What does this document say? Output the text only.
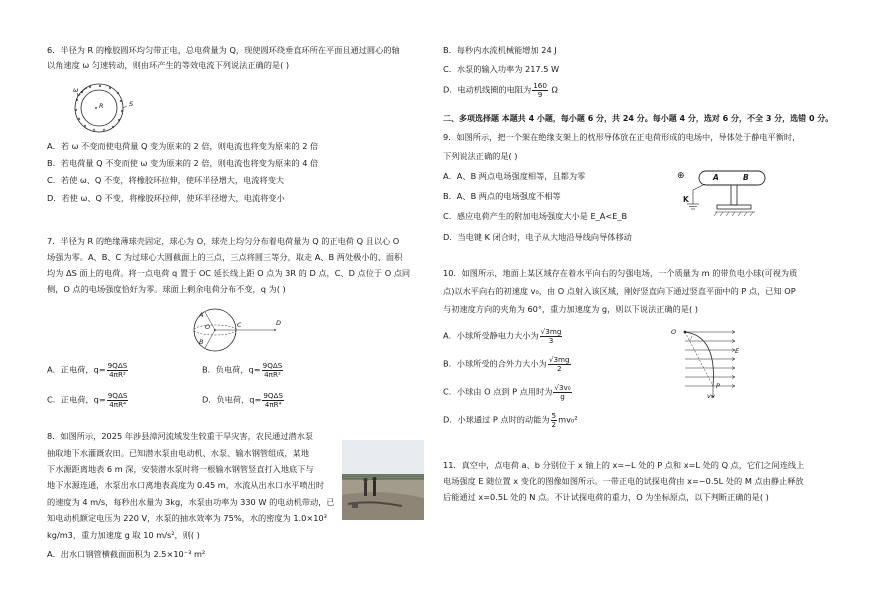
6．半径为 R 的橡胶圆环均匀带正电，总电荷量为 Q，现使圆环绕垂直环所在平面且通过圆心的轴
以角速度 ω 匀速转动，则由环产生的等效电流下列说法正确的是( )
R	S
ω
A．若 ω 不变而使电荷量 Q 变为原来的 2 倍，则电流也将变为原来的 2 倍
B．若电荷量 Q 不变而使 ω 变为原来的 2 倍，则电流也将变为原来的 4 倍
C．若使 ω、Q 不变，将橡胶环拉伸，使环半径增大，电流将变大
D．若使 ω、Q 不变，将橡胶环拉伸，使环半径增大，电流将变小
7．半径为 R 的绝缘薄球壳固定，球心为 O，球壳上均匀分布着电荷量为 Q 的正电荷 Q 且以心 O
场强为零。A、B、C 为过球心大圆截面上的三点，三点将圆三等分，取走 A、B 两处极小的、面积
均为 ΔS 面上的电荷。将一点电荷 q 置于 OC 延长线上距 O 点为 3R 的 D 点，C、D 点位于 O 点同
侧，O 点的电场强度恰好为零。球面上剩余电荷分布不变，q 为( )
A
B
C	D
O
A．正电荷，$q= \frac{\text{9QΔS}}{\text{4πR²}}$	B．负电荷，$q= \frac{\text{9QΔS}}{\text{4πR²}}$
C．正电荷，$q= \frac{\text{9QΔS}}{\text{4πR⁴}}$	D．负电荷，$q= \frac{\text{9QΔS}}{\text{4πR⁴}}$
8．如图所示，2025 年涉县漳河流域发生较重干旱灾害，农民通过潜水泵
抽取地下水灌溉农田。已知潜水泵由电动机、水泵、输水钢管组成，某地
下水源距离地表 6 m 深，安装潜水泵时将一根输水钢管竖直打入地底下与
地下水源连通，水泵出水口离地表高度为 0.45 m，水流从出水口水平喷出时
的速度为 4 m/s，每秒出水量为 3kg，水泵由功率为 330 W 的电动机带动，已
知电动机额定电压为 220 V，水泵的抽水效率为 75%，水的密度为 1.0×10³
kg/m3，重力加速度 g 取 10 m/s²，则( )
A．出水口钢管横截面面积为 2.5×10⁻³ m²
B．每秒内水流机械能增加 24 J
C．水泵的输入功率为 217.5 W
D．电动机线圈的电阻为 $\frac{160}{9}$ Ω
二、多项选择题 本题共 4 小题，每小题 6 分，共 24 分。每小题 4 分，选对 6 分，不全 3 分，选错 0 分。
9．如图所示，把一个架在绝缘支架上的枕形导体放在正电荷形成的电场中，导体处于静电平衡时，
下列说法正确的是( )
A．A、B 两点电场强度相等，且都为零
B．A、B 两点的电场强度不相等
C．感应电荷产生的附加电场强度大小是 E_A<E_B
D．当电键 K 闭合时，电子从大地沿导线向导体移动
⊕	A	B
K
10．如图所示，地面上某区域存在着水平向右的匀强电场，一个质量为 m 的带负电小球(可视为质
点)以水平向右的初速度 v₀，由 O 点射入该区域，刚好竖直向下通过竖直平面中的 P 点，已知 OP
与初速度方向的夹角为 60°，重力加速度为 g，则以下说法正确的是( )
A．小球所受静电力大小为 $\frac{√3mg}{3}$
B．小球所受的合外力大小为 $\frac{√3mg}{2}$
C．小球由 O 点到 P 点用时为 $\frac{\text{√3v₀}}{g}$
D．小球通过 P 点时的动能为 $\frac{5}{2} mv_0^2$
O
E
P
v₀
11．真空中，点电荷 a、b 分别位于 x 轴上的 x=−L 处的 P 点和 x=L 处的 Q 点，它们之间连线上
电场强度 E 随位置 x 变化的图像如图所示。一带正电的试探电荷由 x=−0.5L 处的 M 点由静止释放
后能通过 x=0.5L 处的 N 点。不计试探电荷的重力，O 为坐标原点，以下判断正确的是( )
